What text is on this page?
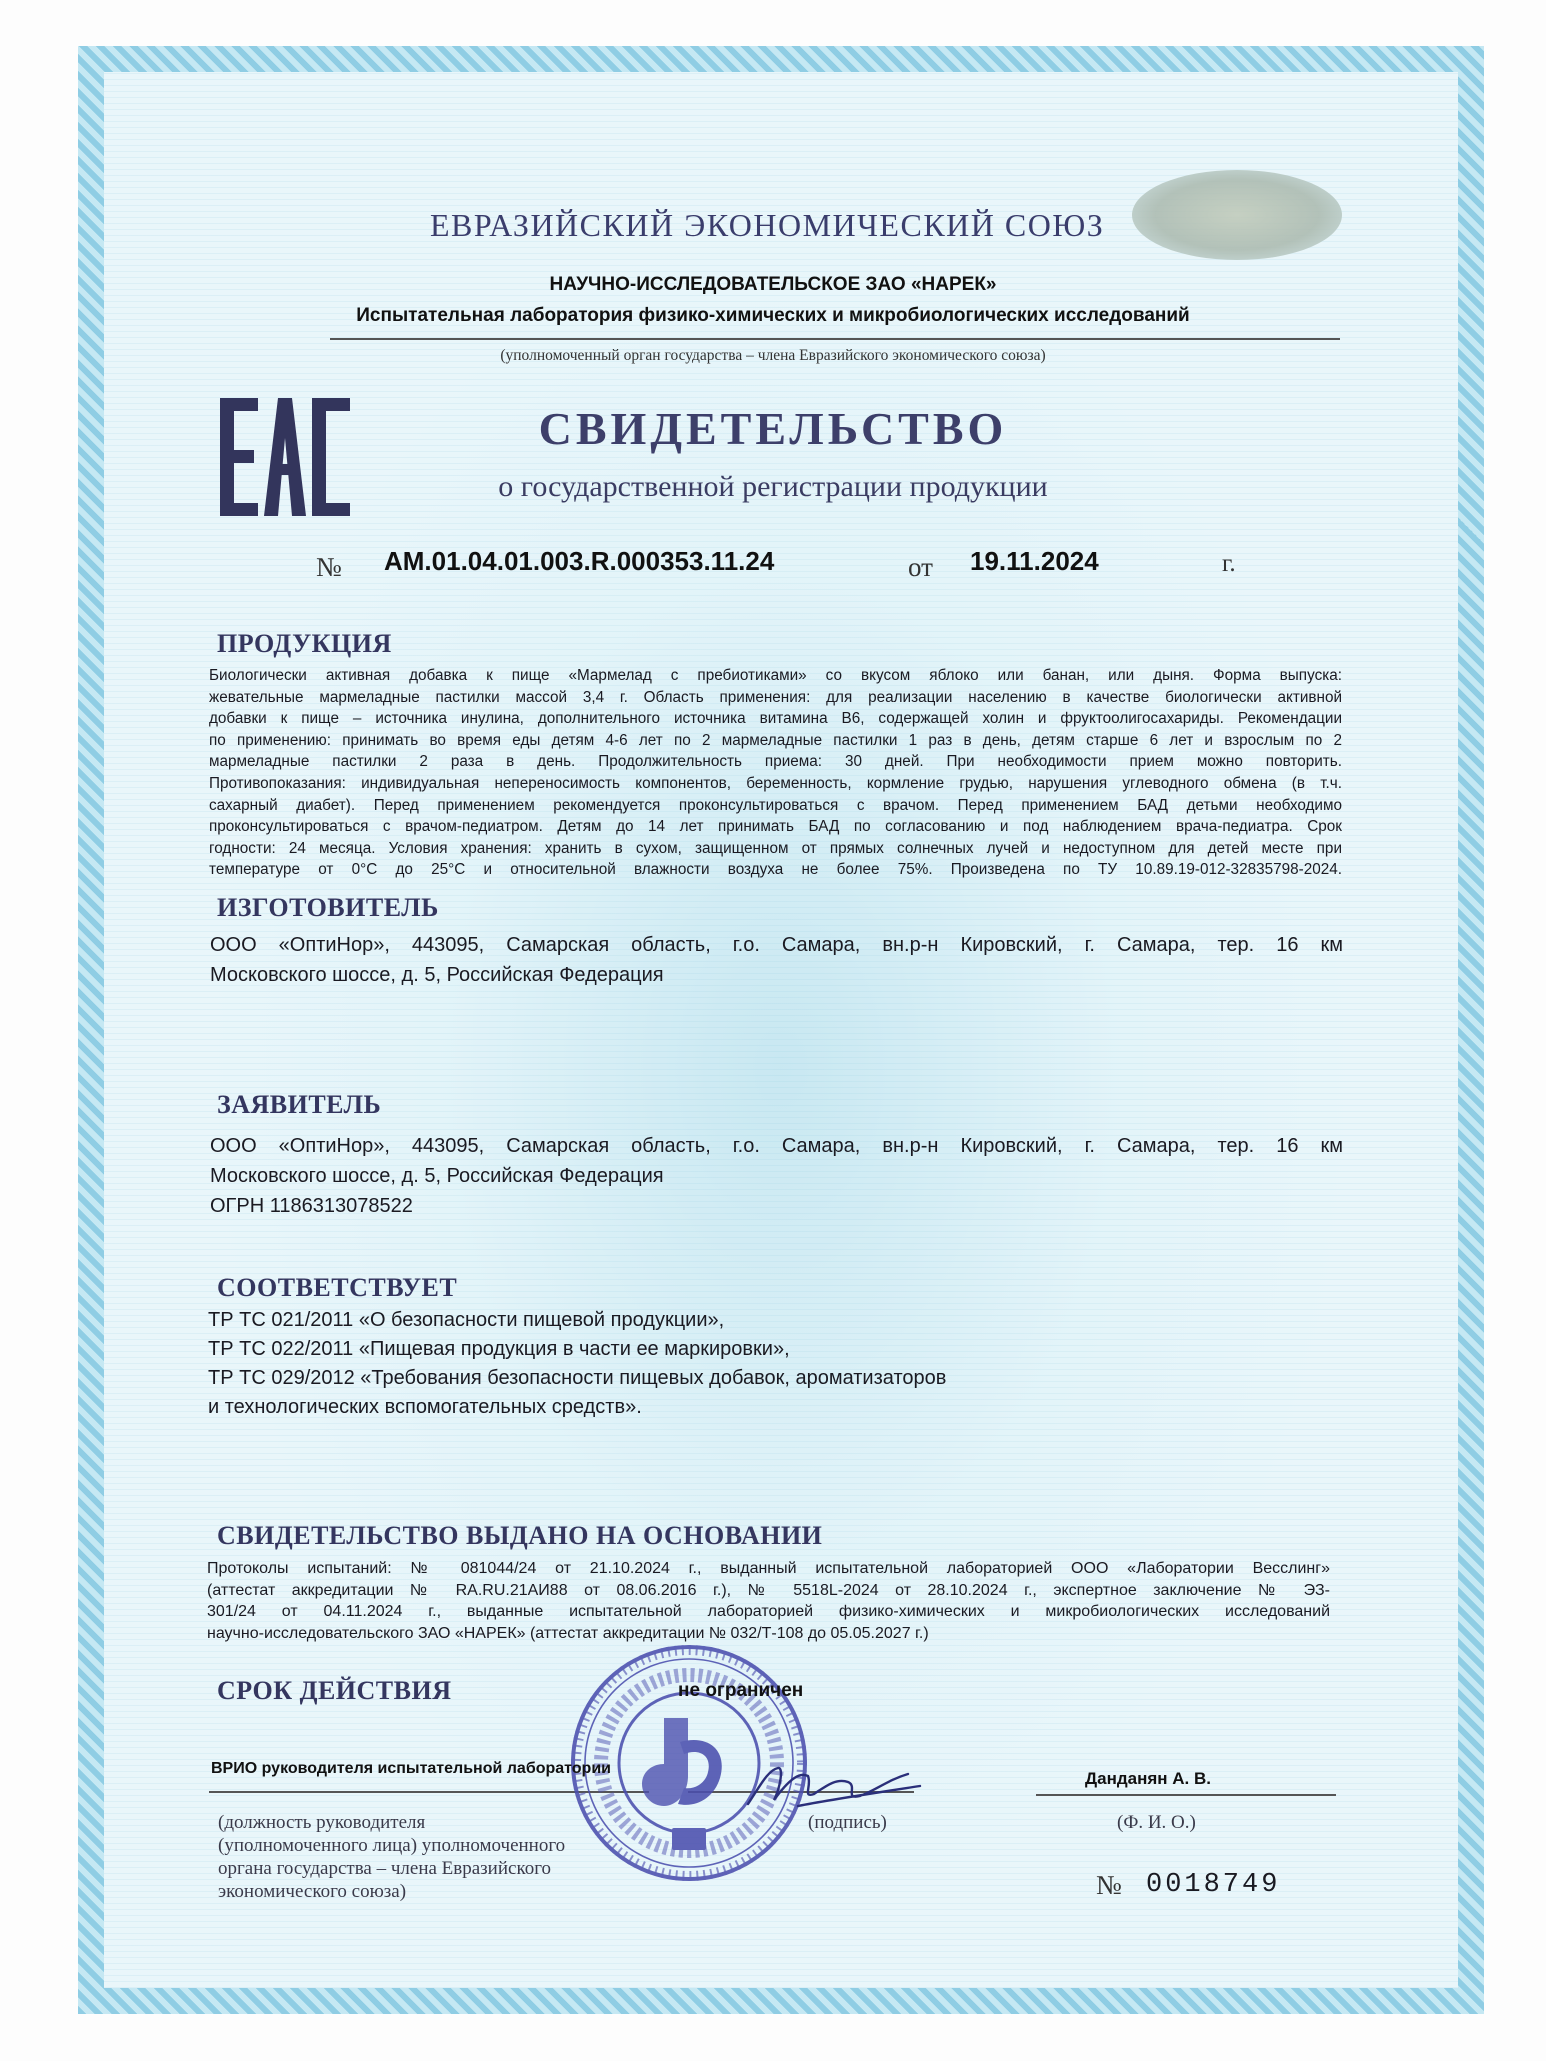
ЕВРАЗИЙСКИЙ ЭКОНОМИЧЕСКИЙ СОЮЗ
НАУЧНО-ИССЛЕДОВАТЕЛЬСКОЕ ЗАО «НАРЕК»
Испытательная лаборатория физико-химических и микробиологических исследований
(уполномоченный орган государства – члена Евразийского экономического союза)
СВИДЕТЕЛЬСТВО
о государственной регистрации продукции
№ AM.01.04.01.003.R.000353.11.24	от 19.11.2024	г.
ПРОДУКЦИЯ
Биологически активная добавка к пище «Мармелад с пребиотиками» со вкусом яблоко или банан, или дыня. Форма выпуска:
жевательные мармеладные пастилки массой 3,4 г. Область применения: для реализации населению в качестве биологически активной
добавки к пище – источника инулина, дополнительного источника витамина B6, содержащей холин и фруктоолигосахариды. Рекомендации
по применению: принимать во время еды детям 4-6 лет по 2 мармеладные пастилки 1 раз в день, детям старше 6 лет и взрослым по 2
мармеладные пастилки 2 раза в день. Продолжительность приема: 30 дней. При необходимости прием можно повторить.
Противопоказания: индивидуальная непереносимость компонентов, беременность, кормление грудью, нарушения углеводного обмена (в т.ч.
сахарный диабет). Перед применением рекомендуется проконсультироваться с врачом. Перед применением БАД детьми необходимо
проконсультироваться с врачом-педиатром. Детям до 14 лет принимать БАД по согласованию и под наблюдением врача-педиатра. Срок
годности: 24 месяца. Условия хранения: хранить в сухом, защищенном от прямых солнечных лучей и недоступном для детей месте при
температуре от 0°С до 25°С и относительной влажности воздуха не более 75%. Произведена по ТУ 10.89.19-012-32835798-2024.
ИЗГОТОВИТЕЛЬ
ООО «ОптиНор», 443095, Самарская область, г.о. Самара, вн.р-н Кировский, г. Самара, тер. 16 км
Московского шоссе, д. 5, Российская Федерация
ЗАЯВИТЕЛЬ
ООО «ОптиНор», 443095, Самарская область, г.о. Самара, вн.р-н Кировский, г. Самара, тер. 16 км
Московского шоссе, д. 5, Российская Федерация
ОГРН 1186313078522
СООТВЕТСТВУЕТ
ТР ТС 021/2011 «О безопасности пищевой продукции»,
ТР ТС 022/2011 «Пищевая продукция в части ее маркировки»,
ТР ТС 029/2012 «Требования безопасности пищевых добавок, ароматизаторов
и технологических вспомогательных средств».
СВИДЕТЕЛЬСТВО ВЫДАНО НА ОСНОВАНИИ
Протоколы испытаний: № 081044/24 от 21.10.2024 г., выданный испытательной лабораторией ООО «Лаборатории Весслинг»
(аттестат аккредитации № RA.RU.21АИ88 от 08.06.2016 г.), № 5518L-2024 от 28.10.2024 г., экспертное заключение № ЭЗ-
301/24 от 04.11.2024 г., выданные испытательной лабораторией физико-химических и микробиологических исследований
научно-исследовательского ЗАО «НАРЕК» (аттестат аккредитации № 032/Т-108 до 05.05.2027 г.)
СРОК ДЕЙСТВИЯ	не ограничен
ВРИО руководителя испытательной лаборатории
Данданян А. В.
(должность руководителя
(уполномоченного лица) уполномоченного
органа государства – члена Евразийского
экономического союза)
(подпись)	(Ф. И. О.)
№ 0018749
